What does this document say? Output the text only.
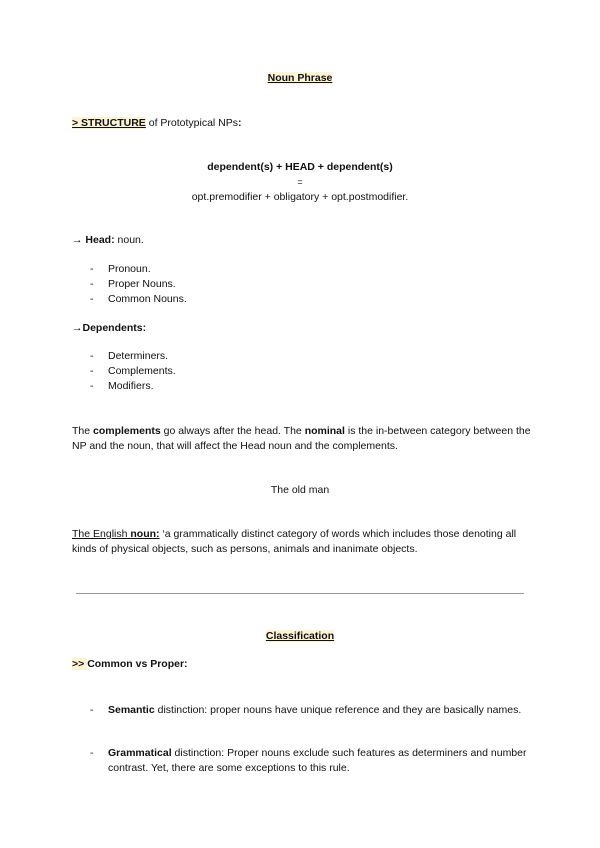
Noun Phrase
> STRUCTURE of Prototypical NPs:
dependent(s) + HEAD + dependent(s)
=
opt.premodifier + obligatory + opt.postmodifier.
→ Head: noun.
- Pronoun.
- Proper Nouns.
- Common Nouns.
→Dependents:
- Determiners.
- Complements.
- Modifiers.
The complements go always after the head. The nominal is the in-between category between the NP and the noun, that will affect the Head noun and the complements.
The old man
The English noun: ‘a grammatically distinct category of words which includes those denoting all kinds of physical objects, such as persons, animals and inanimate objects.
Classification
>> Common vs Proper:
- Semantic distinction: proper nouns have unique reference and they are basically names.
- Grammatical distinction: Proper nouns exclude such features as determiners and number contrast. Yet, there are some exceptions to this rule.
